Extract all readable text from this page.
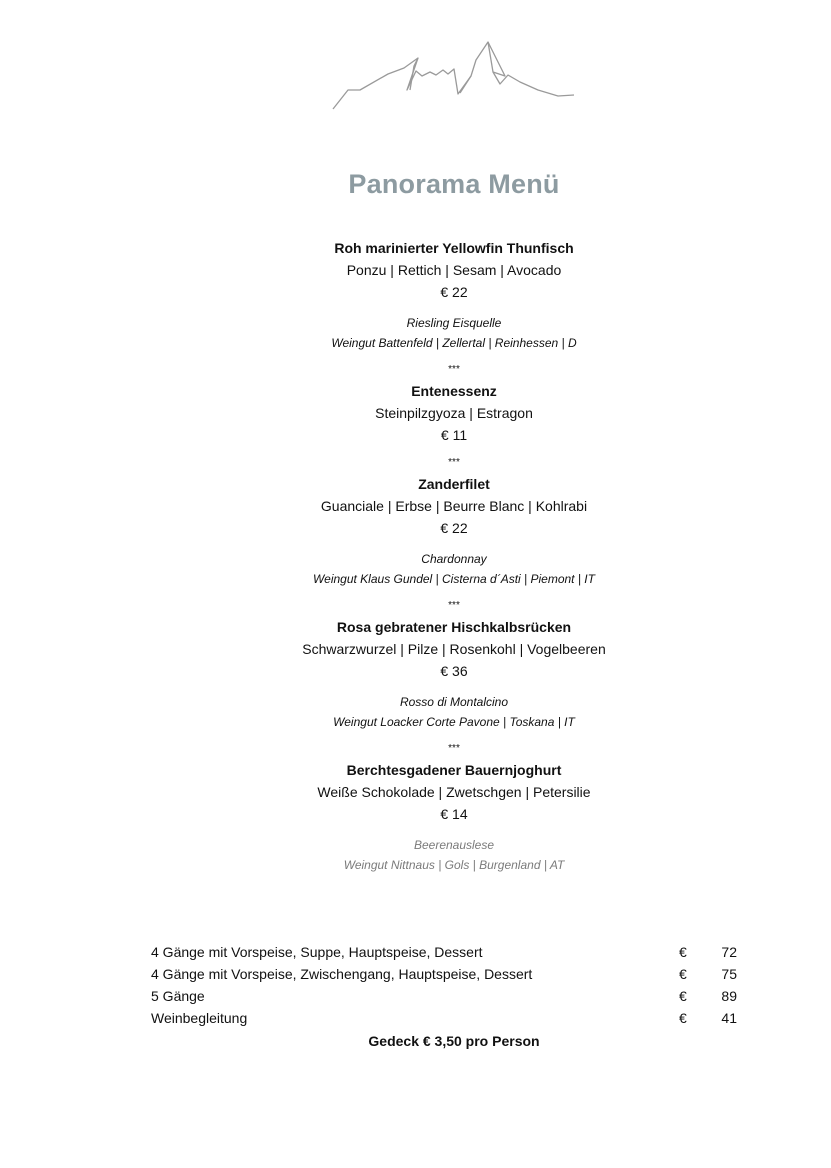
Panorama Menü
Roh marinierter Yellowfin Thunfisch
Ponzu | Rettich | Sesam | Avocado
€ 22
Riesling Eisquelle
Weingut Battenfeld | Zellertal | Reinhessen | D
***
Entenessenz
Steinpilzgyoza | Estragon
€ 11
***
Zanderfilet
Guanciale | Erbse | Beurre Blanc | Kohlrabi
€ 22
Chardonnay
Weingut Klaus Gundel | Cisterna d´Asti | Piemont | IT
***
Rosa gebratener Hischkalbsrücken
Schwarzwurzel | Pilze | Rosenkohl | Vogelbeeren
€ 36
Rosso di Montalcino
Weingut Loacker Corte Pavone | Toskana | IT
***
Berchtesgadener Bauernjoghurt
Weiße Schokolade | Zwetschgen | Petersilie
€ 14
Beerenauslese
Weingut Nittnaus | Gols | Burgenland | AT
4 Gänge mit Vorspeise, Suppe, Hauptspeise, Dessert	€ 72
4 Gänge mit Vorspeise, Zwischengang, Hauptspeise, Dessert	€ 75
5 Gänge	€ 89
Weinbegleitung	€ 41
Gedeck € 3,50 pro Person
